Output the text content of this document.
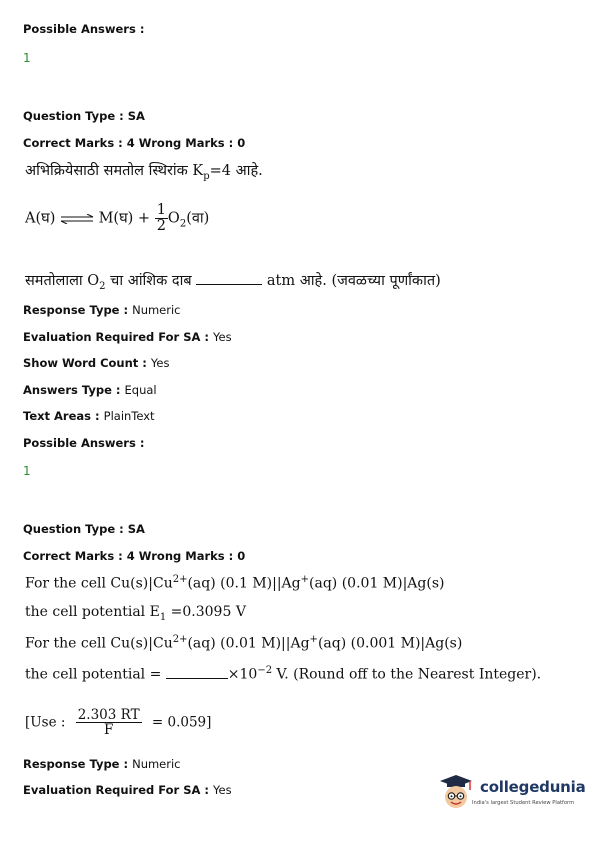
Possible Answers :
1
Question Type : SA
Correct Marks : 4 Wrong Marks : 0
अभिक्रियेसाठी समतोल स्थिरांक $K_p=4$ आहे.
A(घ) ⇌ M(घ) + $\frac{1}{2}$ $O_2(वा)$
समतोलाला $O_2$ चा आंशिक दाब	atm आहे. (जवळच्या पूर्णांकात)
Response Type : Numeric
Evaluation Required For SA : Yes
Show Word Count : Yes
Answers Type : Equal
Text Areas : PlainText
Possible Answers :
1
Question Type : SA
Correct Marks : 4 Wrong Marks : 0
For the cell $Cu(s)|Cu^{2+}(aq)$ (0.1 M)||Ag+(aq) (0.01 M)|Ag(s)
the cell potential $E_1 =0.3095$ V
For the cell $Cu(s)|Cu^{2+}(aq)$ (0.01 M)||Ag+(aq) (0.001 M)|Ag(s)
the cell potential =	$\times 10^{-2}$ V. (Round off to the Nearest Integer).
[Use : $\frac{2.303 RT}{F} = 0.059$]
Response Type : Numeric
Evaluation Required For SA : Yes	collegedunia
India's largest Student Review Platform
